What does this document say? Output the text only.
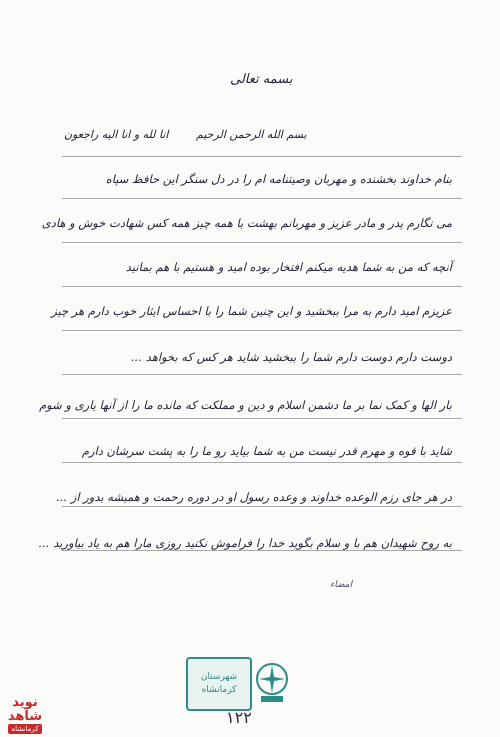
بسمه تعالی
بسم الله الرحمن الرحیم
انا لله و انا الیه راجعون
بنام خداوند بخشنده و مهربان وصیتنامه ام را در دل سنگر این حافظ سپاه
می نگارم پدر و مادر عزیز و مهربانم بهشت با همه چیز همه کس شهادت خوش و هادی
آنچه که من به شما هدیه میکنم افتخار بوده امید و هستیم با هم بمانید
عزیزم امید دارم به مرا ببخشید و این چنین شما را با احساس ایثار خوب دارم هر چیز
دوست دارم دوست دارم شما را ببخشید شاید هر کس که بخواهد ...
بار الها و کمک نما بر ما دشمن اسلام و دین و مملکت که مانده ما را از آنها یاری و شوم
شاید با قوه و مهرم قدر نیست من به شما بیاید رو ما را به پشت سرشان دارم
در هر جای رزم الوعده خداوند و وعده رسول او در دوره رحمت و همیشه بدور از ...
به روح شهیدان هم با و سلام بگوید خدا را فراموش نکنید روزی مارا هم به یاد بیاورید ...
امضاء
شهرستان
کرمانشاه
۱۲۲
نوید شاهد
کرمانشاه
